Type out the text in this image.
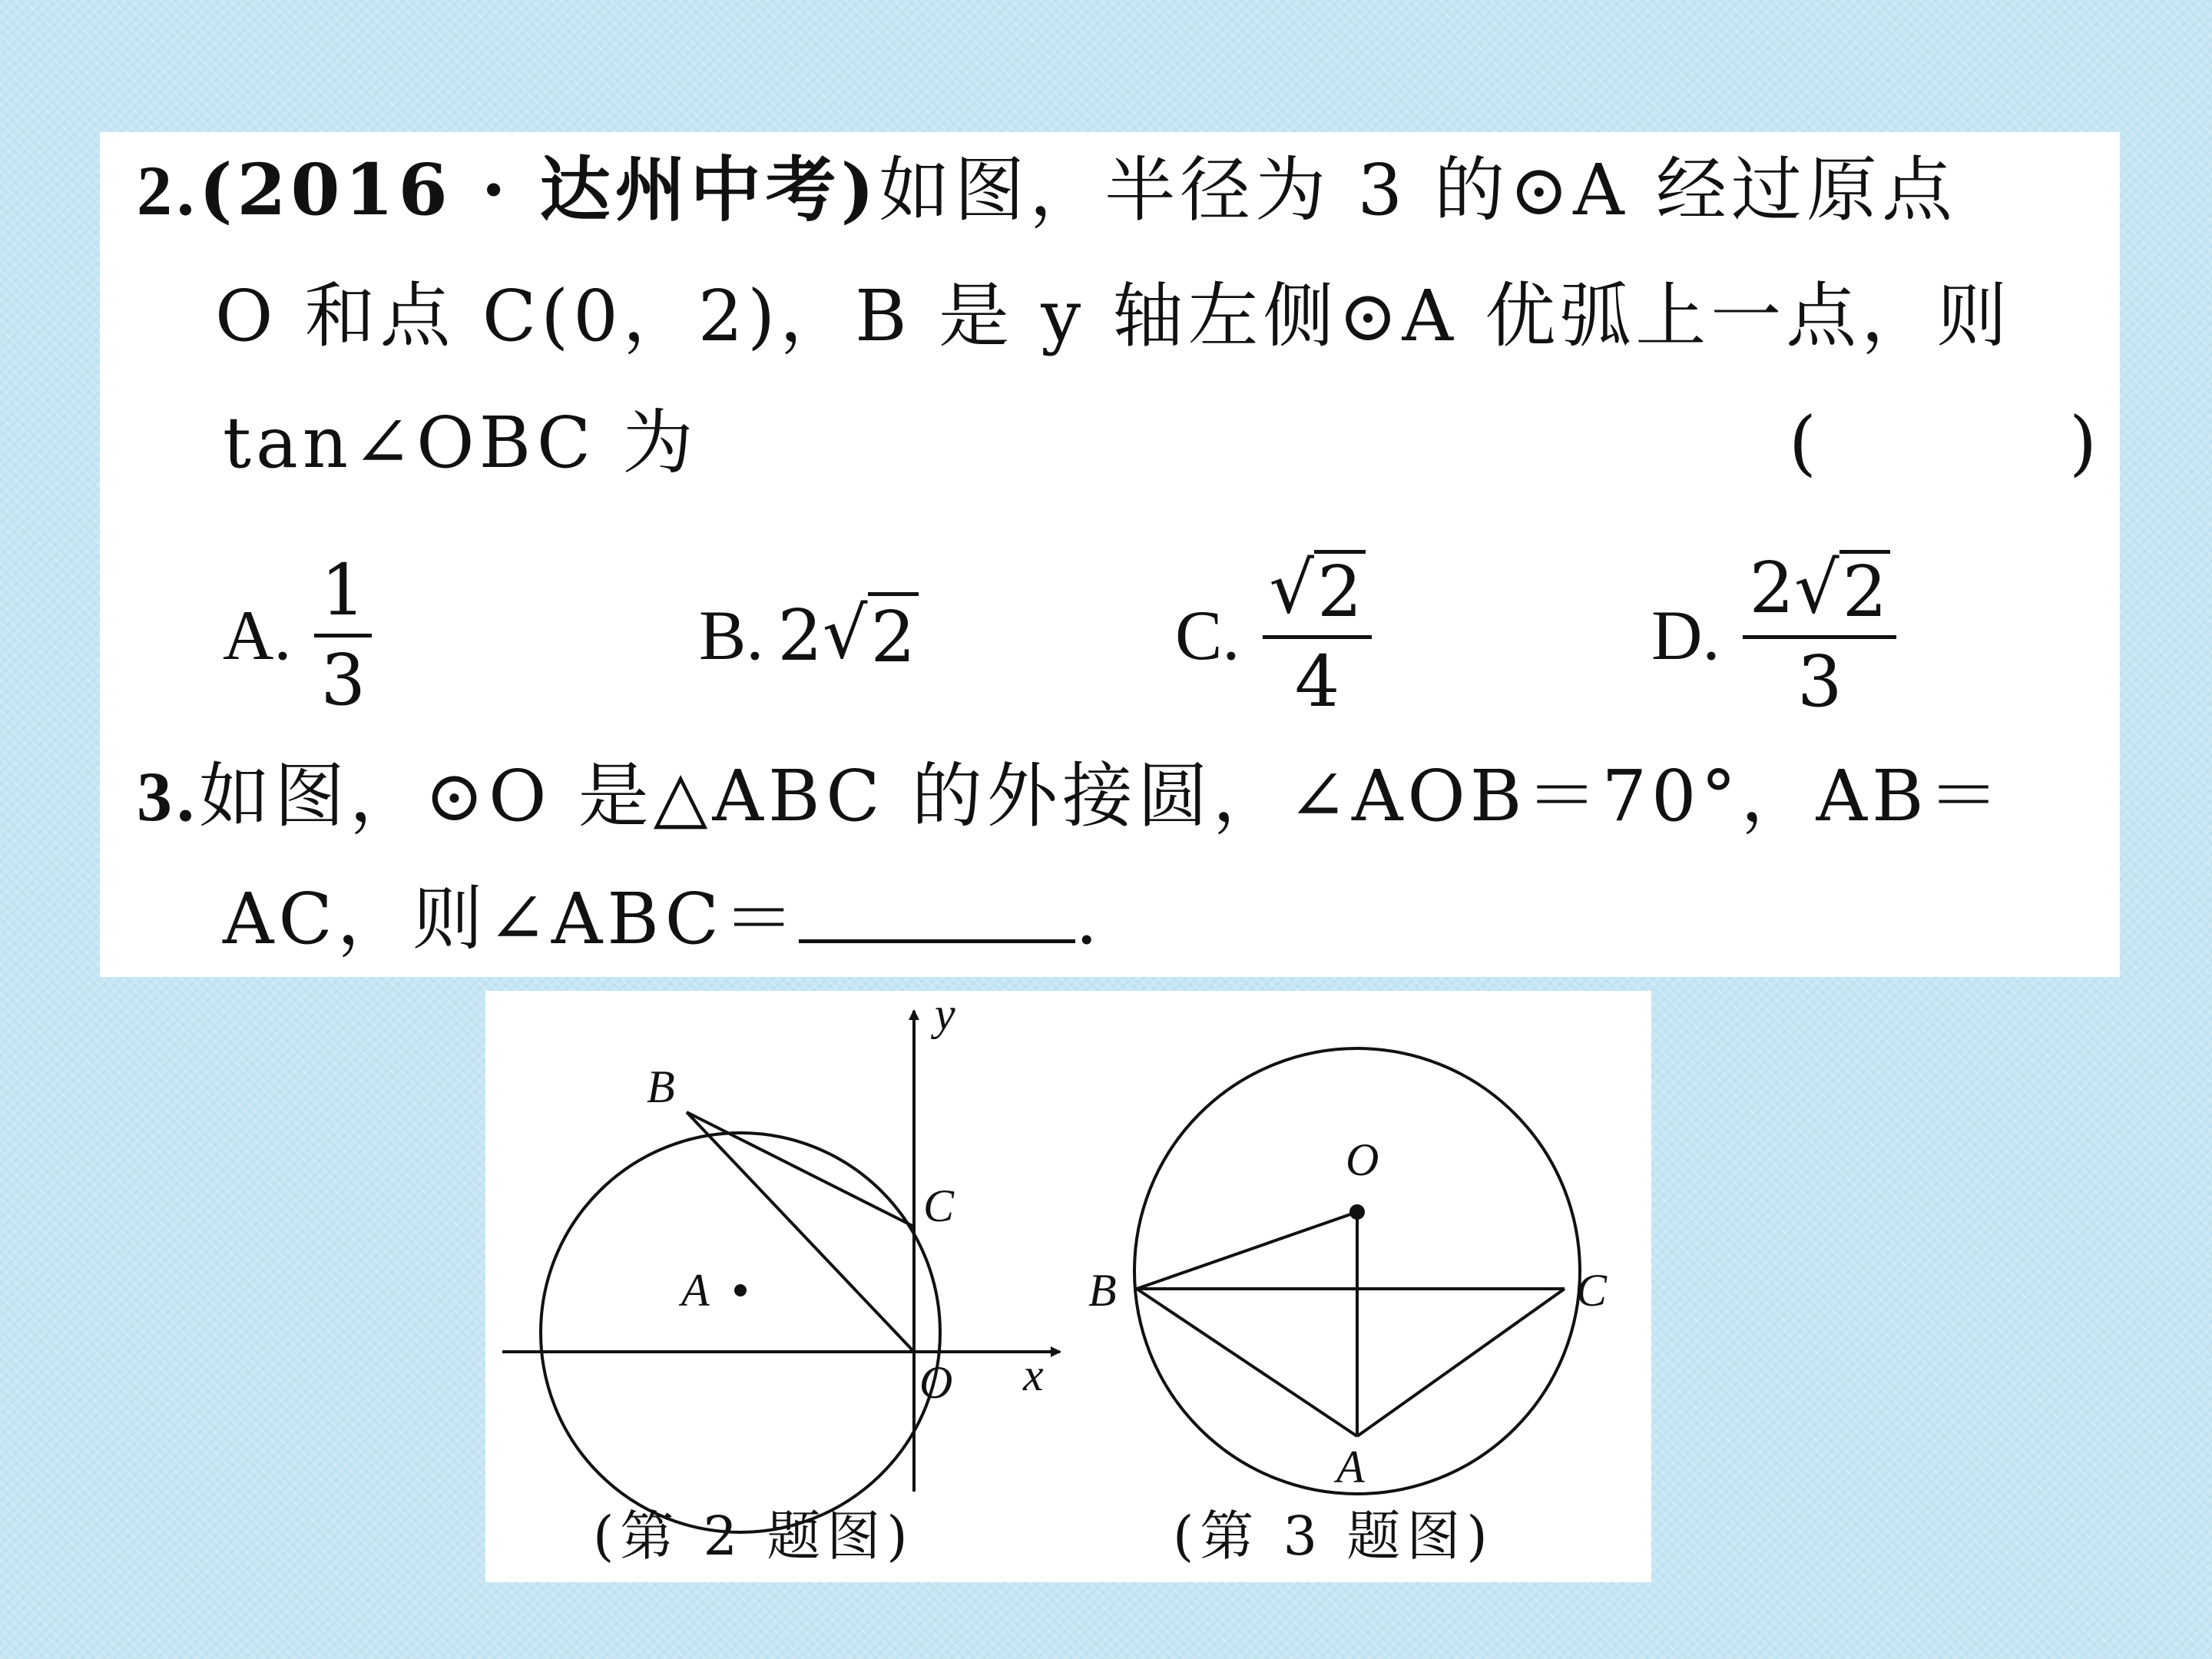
2.(2016 · 达州中考)如图，半径为 3 的⊙A 经过原点
O 和点 C(0，2)，B 是 y 轴左侧⊙A 优弧上一点，则
tan∠OBC 为	( )
A. $\frac{1}{3}$	B. 2 √ 2	C. $\frac{√ 2}{4}$	D. $\frac{2 √ 2}{3}$
3.如图，⊙O 是△ABC 的外接圆，∠AOB＝70°，AB＝
AC，则∠ABC＝	.
y
x
B
C
A
O
O
B	C
A
(第 2 题图)	(第 3 题图)
